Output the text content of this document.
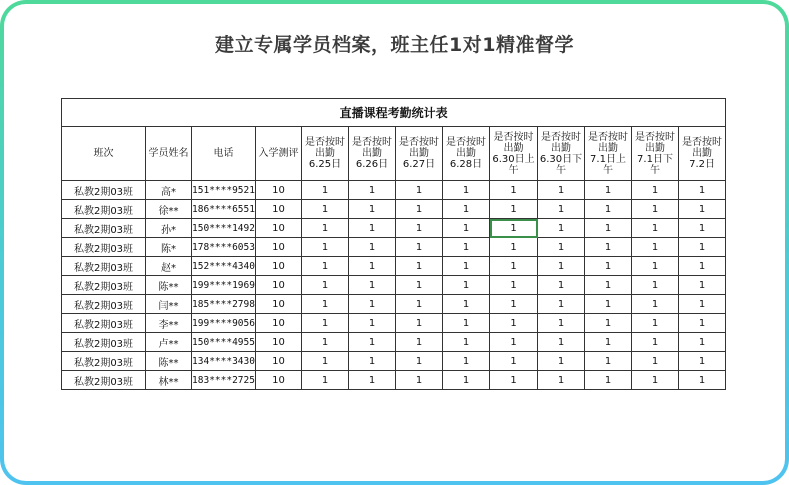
建立专属学员档案，班主任1对1精准督学
直播课程考勤统计表												
班次	学员姓名	电话	入学测评	是否按时
出勤
6.25日	是否按时
出勤
6.26日	是否按时
出勤
6.27日	是否按时
出勤
6.28日	是否按时
出勤
6.30日上
午	是否按时
出勤
6.30日下
午	是否按时
出勤
7.1日上
午	是否按时
出勤
7.1日下
午	是否按时
出勤
7.2日

私教2期03班	高*	151****9521	10	1	1	1	1	1	1	1	1	1
私教2期03班	徐**	186****6551	10	1	1	1	1	1	1	1	1	1
私教2期03班	孙*	150****1492	10	1	1	1	1	1	1	1	1	1
私教2期03班	陈*	178****6053	10	1	1	1	1	1	1	1	1	1
私教2期03班	赵*	152****4340	10	1	1	1	1	1	1	1	1	1
私教2期03班	陈**	199****1969	10	1	1	1	1	1	1	1	1	1
私教2期03班	闫**	185****2798	10	1	1	1	1	1	1	1	1	1
私教2期03班	李**	199****9056	10	1	1	1	1	1	1	1	1	1
私教2期03班	卢**	150****4955	10	1	1	1	1	1	1	1	1	1
私教2期03班	陈**	134****3430	10	1	1	1	1	1	1	1	1	1
私教2期03班	林**	183****2725	10	1	1	1	1	1	1	1	1	1
